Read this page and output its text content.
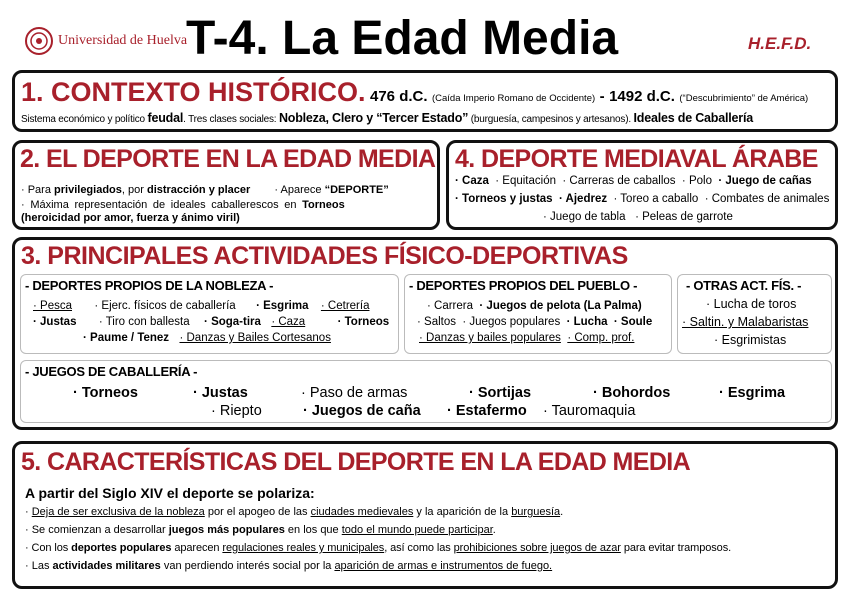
Universidad de Huelva
T-4. La Edad Media	H.E.F.D.
1. CONTEXTO HISTÓRICO. 476 d.C. (Caída Imperio Romano de Occidente) - 1492 d.C. (“Descubrimiento” de América)
Sistema económico y político feudal. Tres clases sociales: Nobleza, Clero y “Tercer Estado” (burguesía, campesinos y artesanos). Ideales de Caballería
2. EL DEPORTE EN LA EDAD MEDIA
· Para privilegiados, por distracción y placer · Aparece “DEPORTE”
· Máxima representación de ideales caballerescos en Torneos
(heroicidad por amor, fuerza y ánimo viril)
4. DEPORTE MEDIAVAL ÁRABE
· Caza · Equitación · Carreras de caballos · Polo · Juego de cañas
· Torneos y justas · Ajedrez · Toreo a caballo · Combates de animales
· Juego de tabla · Peleas de garrote
3. PRINCIPALES ACTIVIDADES FÍSICO-DEPORTIVAS
- DEPORTES PROPIOS DE LA NOBLEZA -
· Pesca · Ejerc. físicos de caballería · Esgrima · Cetrería
· Justas · Tiro con ballesta · Soga-tira · Caza	· Torneos
· Paume / Tenez · Danzas y Bailes Cortesanos
- DEPORTES PROPIOS DEL PUEBLO -
· Carrera · Juegos de pelota (La Palma)
· Saltos · Juegos populares · Lucha · Soule
· Danzas y bailes populares · Comp. prof.
- OTRAS ACT. FÍS. -
· Lucha de toros
· Saltin. y Malabaristas
· Esgrimistas
- JUEGOS DE CABALLERÍA -
· Torneos	· Justas	· Paso de armas	· Sortijas	· Bohordos	· Esgrima
· Riepto	· Juegos de caña · Estafermo · Tauromaquia
5. CARACTERÍSTICAS DEL DEPORTE EN LA EDAD MEDIA
A partir del Siglo XIV el deporte se polariza:
· Deja de ser exclusiva de la nobleza por el apogeo de las ciudades medievales y la aparición de la burguesía.
· Se comienzan a desarrollar juegos más populares en los que todo el mundo puede participar.
· Con los deportes populares aparecen regulaciones reales y municipales, así como las prohibiciones sobre juegos de azar para evitar tramposos.
· Las actividades militares van perdiendo interés social por la aparición de armas e instrumentos de fuego.
